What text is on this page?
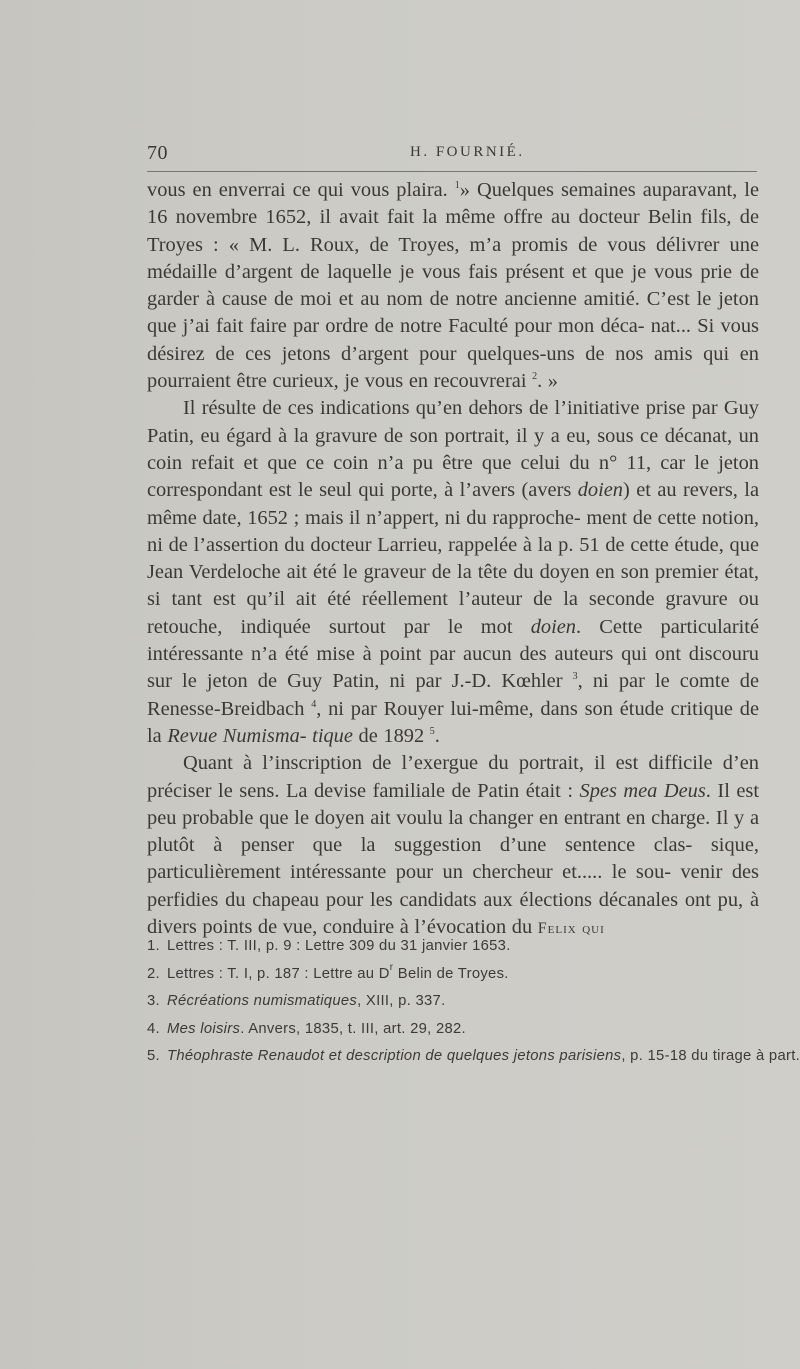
70	H. FOURNIÉ.

vous en enverrai ce qui vous plaira. $^1$» Quelques semaines auparavant, le 16 novembre 1652, il avait fait la même offre au docteur Belin fils, de Troyes : « M. L. Roux, de Troyes, m’a promis de vous délivrer une médaille d’argent de laquelle je vous fais présent et que je vous prie de garder à cause de moi et au nom de notre ancienne amitié. C’est le jeton que j’ai fait faire par ordre de notre Faculté pour mon déca- nat... Si vous désirez de ces jetons d’argent pour quelques-uns de nos amis qui en pourraient être curieux, je vous en recouvrerai $^2$. »

Il résulte de ces indications qu’en dehors de l’initiative prise par Guy Patin, eu égard à la gravure de son portrait, il y a eu, sous ce décanat, un coin refait et que ce coin n’a pu être que celui du n° 11, car le jeton correspondant est le seul qui porte, à l’avers (avers doien) et au revers, la même date, 1652 ; mais il n’appert, ni du rapproche- ment de cette notion, ni de l’assertion du docteur Larrieu, rappelée à la p. 51 de cette étude, que Jean Verdeloche ait été le graveur de la tête du doyen en son premier état, si tant est qu’il ait été réellement l’auteur de la seconde gravure ou retouche, indiquée surtout par le mot doien. Cette particularité intéressante n’a été mise à point par aucun des auteurs qui ont discouru sur le jeton de Guy Patin, ni par J.-D. Kœhler $^3$, ni par le comte de Renesse-Breidbach $^4$, ni par Rouyer lui-même, dans son étude critique de la Revue Numisma- tique de 1892 $^5$.

Quant à l’inscription de l’exergue du portrait, il est difficile d’en préciser le sens. La devise familiale de Patin était : Spes mea Deus. Il est peu probable que le doyen ait voulu la changer en entrant en charge. Il y a plutôt à penser que la suggestion d’une sentence clas- sique, particulièrement intéressante pour un chercheur et..... le sou- venir des perfidies du chapeau pour les candidats aux élections décanales ont pu, à divers points de vue, conduire à l’évocation du Felix qui

1. Lettres : T. III, p. 9 : Lettre 309 du 31 janvier 1653.
2. Lettres : T. I, p. 187 : Lettre au $D^r$ Belin de Troyes.
3. Récréations numismatiques, XIII, p. 337.
4. Mes loisirs. Anvers, 1835, t. III, art. 29, 282.
5. Théophraste Renaudot et description de quelques jetons parisiens, p. 15-18 du tirage à part.
